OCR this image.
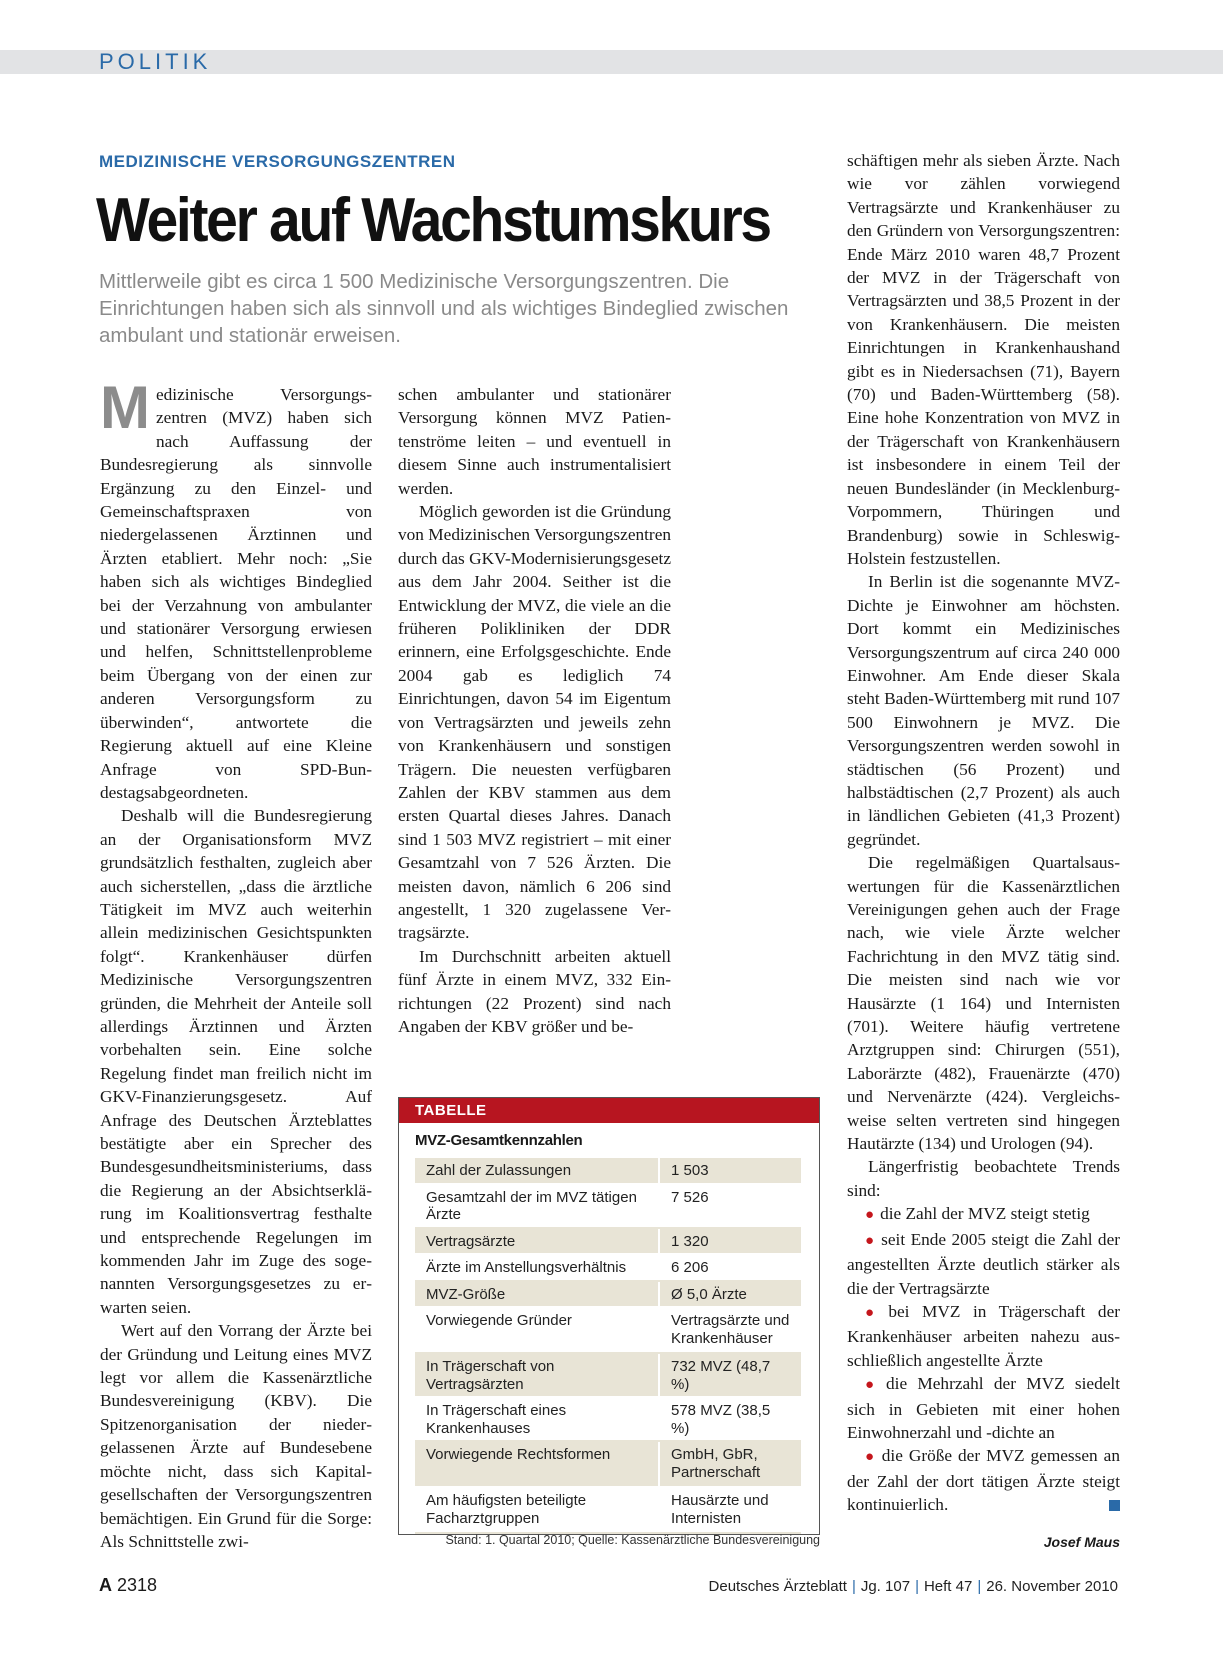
POLITIK
MEDIZINISCHE VERSORGUNGSZENTREN
Weiter auf Wachstumskurs
Mittlerweile gibt es circa 1 500 Medizinische Versorgungszentren. Die Einrichtungen haben sich als sinnvoll und als wichtiges Bindeglied zwischen ambulant und stationär erweisen.

Medizinische Versorgungszentren (MVZ) haben sich nach Auffassung der Bundesregierung als sinnvolle Ergänzung zu den Einzel- und Gemeinschaftspraxen von niedergelassenen Ärztinnen und Ärzten etabliert. Mehr noch: „Sie haben sich als wichtiges Bindeglied bei der Verzahnung von ambulanter und stationärer Versorgung erwiesen und helfen, Schnittstellenprobleme beim Übergang von der einen zur anderen Versorgungsform zu überwinden“, antwortete die Regierung aktuell auf eine Kleine Anfrage von SPD-Bundestagsabgeordneten.

Deshalb will die Bundesregierung an der Organisationsform MVZ grundsätzlich festhalten, zugleich aber auch sicherstellen, „dass die ärztliche Tätigkeit im MVZ auch weiterhin allein medizinischen Gesichtspunkten folgt“. Krankenhäuser dürfen Medizinische Versorgungszentren gründen, die Mehrheit der Anteile soll allerdings Ärztinnen und Ärzten vorbehalten sein. Eine solche Regelung findet man freilich nicht im GKV-Finanzierungsgesetz. Auf Anfrage des Deutschen Ärzteblattes bestätigte aber ein Sprecher des Bundesgesundheitsministeriums, dass die Regierung an der Absichtserklärung im Koalitionsvertrag festhalte und entsprechende Regelungen im kommenden Jahr im Zuge des sogenannten Versorgungsgesetzes zu erwarten seien.

Wert auf den Vorrang der Ärzte bei der Gründung und Leitung eines MVZ legt vor allem die Kassenärztliche Bundesvereinigung (KBV). Die Spitzenorganisation der niedergelassenen Ärzte auf Bundesebene möchte nicht, dass sich Kapitalgesellschaften der Versorgungszentren bemächtigen. Ein Grund für die Sorge: Als Schnittstelle zwi-

schen ambulanter und stationärer Versorgung können MVZ Patientenströme leiten – und eventuell in diesem Sinne auch instrumentalisiert werden.

Möglich geworden ist die Gründung von Medizinischen Versorgungszentren durch das GKV-Modernisierungsgesetz aus dem Jahr 2004. Seither ist die Entwicklung der MVZ, die viele an die früheren Polikliniken der DDR erinnern, eine Erfolgsgeschichte. Ende 2004 gab es lediglich 74 Einrichtungen, davon 54 im Eigentum von Vertragsärzten und jeweils zehn von Krankenhäusern und sonstigen Trägern. Die neuesten verfügbaren Zahlen der KBV stammen aus dem ersten Quartal dieses Jahres. Danach sind 1 503 MVZ registriert – mit einer Gesamtzahl von 7 526 Ärzten. Die meisten davon, nämlich 6 206 sind angestellt, 1 320 zugelassene Vertragsärzte.

Im Durchschnitt arbeiten aktuell fünf Ärzte in einem MVZ, 332 Einrichtungen (22 Prozent) sind nach Angaben der KBV größer und be-

TABELLE
MVZ-Gesamtkennzahlen
Zahl der Zulassungen	1 503
Gesamtzahl der im MVZ tätigen Ärzte	7 526
Vertragsärzte	1 320
Ärzte im Anstellungsverhältnis	6 206
MVZ-Größe	Ø 5,0 Ärzte
Vorwiegende Gründer	Vertragsärzte und Krankenhäuser
In Trägerschaft von Vertragsärzten	732 MVZ (48,7 %)
In Trägerschaft eines Krankenhauses	578 MVZ (38,5 %)
Vorwiegende Rechtsformen	GmbH, GbR, Partnerschaft
Am häufigsten beteiligte Facharztgruppen	Hausärzte und Internisten
Stand: 1. Quartal 2010; Quelle: Kassenärztliche Bundesvereinigung

schäftigen mehr als sieben Ärzte. Nach wie vor zählen vorwiegend Vertragsärzte und Krankenhäuser zu den Gründern von Versorgungszentren: Ende März 2010 waren 48,7 Prozent der MVZ in der Trägerschaft von Vertragsärzten und 38,5 Prozent in der von Krankenhäusern. Die meisten Einrichtungen in Krankenhaushand gibt es in Niedersachsen (71), Bayern (70) und Baden-Württemberg (58). Eine hohe Konzentration von MVZ in der Trägerschaft von Krankenhäusern ist insbesondere in einem Teil der neuen Bundesländer (in Mecklenburg-Vorpommern, Thüringen und Brandenburg) sowie in Schleswig-Holstein festzustellen.

In Berlin ist die sogenannte MVZ-Dichte je Einwohner am höchsten. Dort kommt ein Medizinisches Versorgungszentrum auf circa 240 000 Einwohner. Am Ende dieser Skala steht Baden-Württemberg mit rund 107 500 Einwohnern je MVZ. Die Versorgungszentren werden sowohl in städtischen (56 Prozent) und halbstädtischen (2,7 Prozent) als auch in ländlichen Gebieten (41,3 Prozent) gegründet.

Die regelmäßigen Quartalsauswertungen für die Kassenärztlichen Vereinigungen gehen auch der Frage nach, wie viele Ärzte welcher Fachrichtung in den MVZ tätig sind. Die meisten sind nach wie vor Hausärzte (1 164) und Internisten (701). Weitere häufig vertretene Arztgruppen sind: Chirurgen (551), Laborärzte (482), Frauenärzte (470) und Nervenärzte (424). Vergleichsweise selten vertreten sind hingegen Hautärzte (134) und Urologen (94).

Längerfristig beobachtete Trends sind:

● die Zahl der MVZ steigt stetig

● seit Ende 2005 steigt die Zahl der angestellten Ärzte deutlich stärker als die der Vertragsärzte

● bei MVZ in Trägerschaft der Krankenhäuser arbeiten nahezu ausschließlich angestellte Ärzte

● die Mehrzahl der MVZ siedelt sich in Gebieten mit einer hohen Einwohnerzahl und -dichte an

● die Größe der MVZ gemessen an der Zahl der dort tätigen Ärzte steigt kontinuierlich.

Josef Maus
A 2318	Deutsches Ärzteblatt | Jg. 107 | Heft 47 | 26. November 2010
